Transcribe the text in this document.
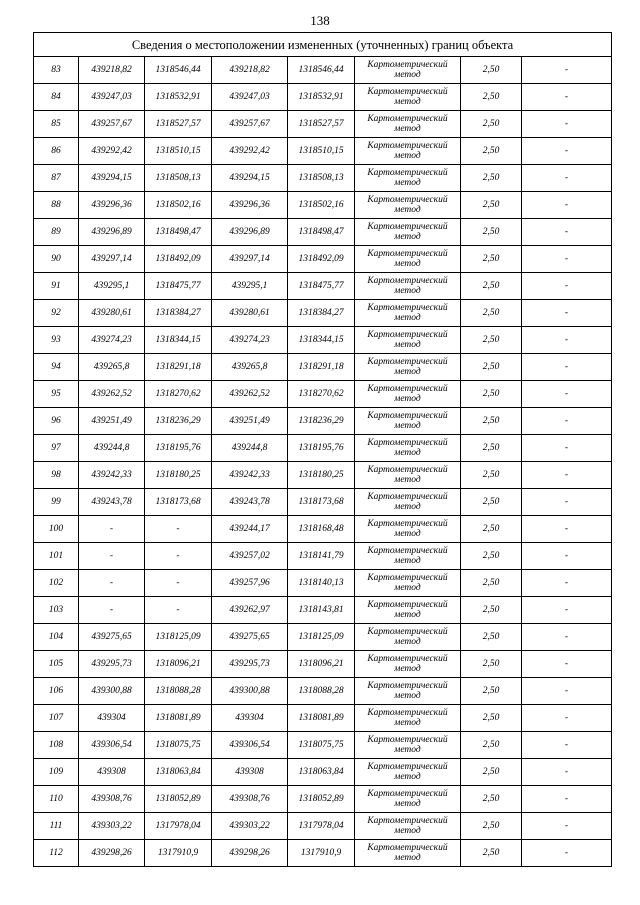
138
Сведения о местоположении измененных (уточненных) границ объекта							
83	439218,82	1318546,44	439218,82	1318546,44	Картометрический метод	2,50	-
84	439247,03	1318532,91	439247,03	1318532,91	Картометрический метод	2,50	-
85	439257,67	1318527,57	439257,67	1318527,57	Картометрический метод	2,50	-
86	439292,42	1318510,15	439292,42	1318510,15	Картометрический метод	2,50	-
87	439294,15	1318508,13	439294,15	1318508,13	Картометрический метод	2,50	-
88	439296,36	1318502,16	439296,36	1318502,16	Картометрический метод	2,50	-
89	439296,89	1318498,47	439296,89	1318498,47	Картометрический метод	2,50	-
90	439297,14	1318492,09	439297,14	1318492,09	Картометрический метод	2,50	-
91	439295,1	1318475,77	439295,1	1318475,77	Картометрический метод	2,50	-
92	439280,61	1318384,27	439280,61	1318384,27	Картометрический метод	2,50	-
93	439274,23	1318344,15	439274,23	1318344,15	Картометрический метод	2,50	-
94	439265,8	1318291,18	439265,8	1318291,18	Картометрический метод	2,50	-
95	439262,52	1318270,62	439262,52	1318270,62	Картометрический метод	2,50	-
96	439251,49	1318236,29	439251,49	1318236,29	Картометрический метод	2,50	-
97	439244,8	1318195,76	439244,8	1318195,76	Картометрический метод	2,50	-
98	439242,33	1318180,25	439242,33	1318180,25	Картометрический метод	2,50	-
99	439243,78	1318173,68	439243,78	1318173,68	Картометрический метод	2,50	-
100	-	-	439244,17	1318168,48	Картометрический метод	2,50	-
101	-	-	439257,02	1318141,79	Картометрический метод	2,50	-
102	-	-	439257,96	1318140,13	Картометрический метод	2,50	-
103	-	-	439262,97	1318143,81	Картометрический метод	2,50	-
104	439275,65	1318125,09	439275,65	1318125,09	Картометрический метод	2,50	-
105	439295,73	1318096,21	439295,73	1318096,21	Картометрический метод	2,50	-
106	439300,88	1318088,28	439300,88	1318088,28	Картометрический метод	2,50	-
107	439304	1318081,89	439304	1318081,89	Картометрический метод	2,50	-
108	439306,54	1318075,75	439306,54	1318075,75	Картометрический метод	2,50	-
109	439308	1318063,84	439308	1318063,84	Картометрический метод	2,50	-
110	439308,76	1318052,89	439308,76	1318052,89	Картометрический метод	2,50	-
111	439303,22	1317978,04	439303,22	1317978,04	Картометрический метод	2,50	-
112	439298,26	1317910,9	439298,26	1317910,9	Картометрический метод	2,50	-
